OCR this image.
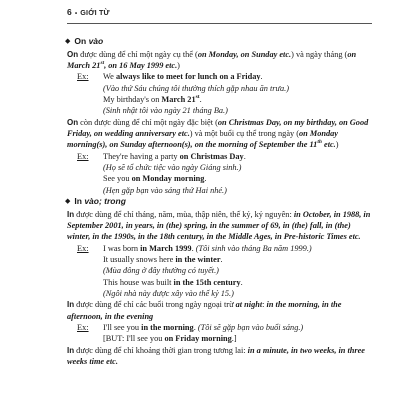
6 • GIỚI TỪ
◆ On vào

On được dùng để chỉ một ngày cụ thể (on Monday, on Sunday etc.) và ngày tháng (on March 21st, on 16 May 1999 etc.)

Ex:	We always like to meet for lunch on a Friday.

(Vào thứ Sáu chúng tôi thường thích gặp nhau ăn trưa.)

My birthday's on March 21st.

(Sinh nhật tôi vào ngày 21 tháng Ba.)

On còn được dùng để chỉ một ngày đặc biệt (on Christmas Day, on my birthday, on Good Friday, on wedding anniversary etc.) và một buổi cụ thể trong ngày (on Monday morning(s), on Sunday afternoon(s), on the morning of September the 11th etc.)

Ex:	They're having a party on Christmas Day.

(Họ sẽ tổ chức tiệc vào ngày Giáng sinh.)

See you on Monday morning.

(Hẹn gặp bạn vào sáng thứ Hai nhé.)

◆ In vào; trong

In được dùng để chỉ tháng, năm, mùa, thập niên, thế kỷ, kỷ nguyên: in October, in 1988, in September 2001, in years, in (the) spring, in the summer of 69, in (the) fall, in (the) winter, in the 1990s, in the 18th century, in the Middle Ages, in Pre-historic Times etc.

Ex:	I was born in March 1999. (Tôi sinh vào tháng Ba năm 1999.)

It usually snows here in the winter.

(Mùa đông ở đây thường có tuyết.)

This house was built in the 15th century.

(Ngôi nhà này được xây vào thế kỷ 15.)

In được dùng để chỉ các buổi trong ngày ngoại trừ at night: in the morning, in the afternoon, in the evening

Ex:	I'll see you in the morning. (Tôi sẽ gặp bạn vào buổi sáng.)

[BUT: I'll see you on Friday morning.]

In được dùng để chỉ khoảng thời gian trong tương lai: in a minute, in two weeks, in three weeks time etc.
